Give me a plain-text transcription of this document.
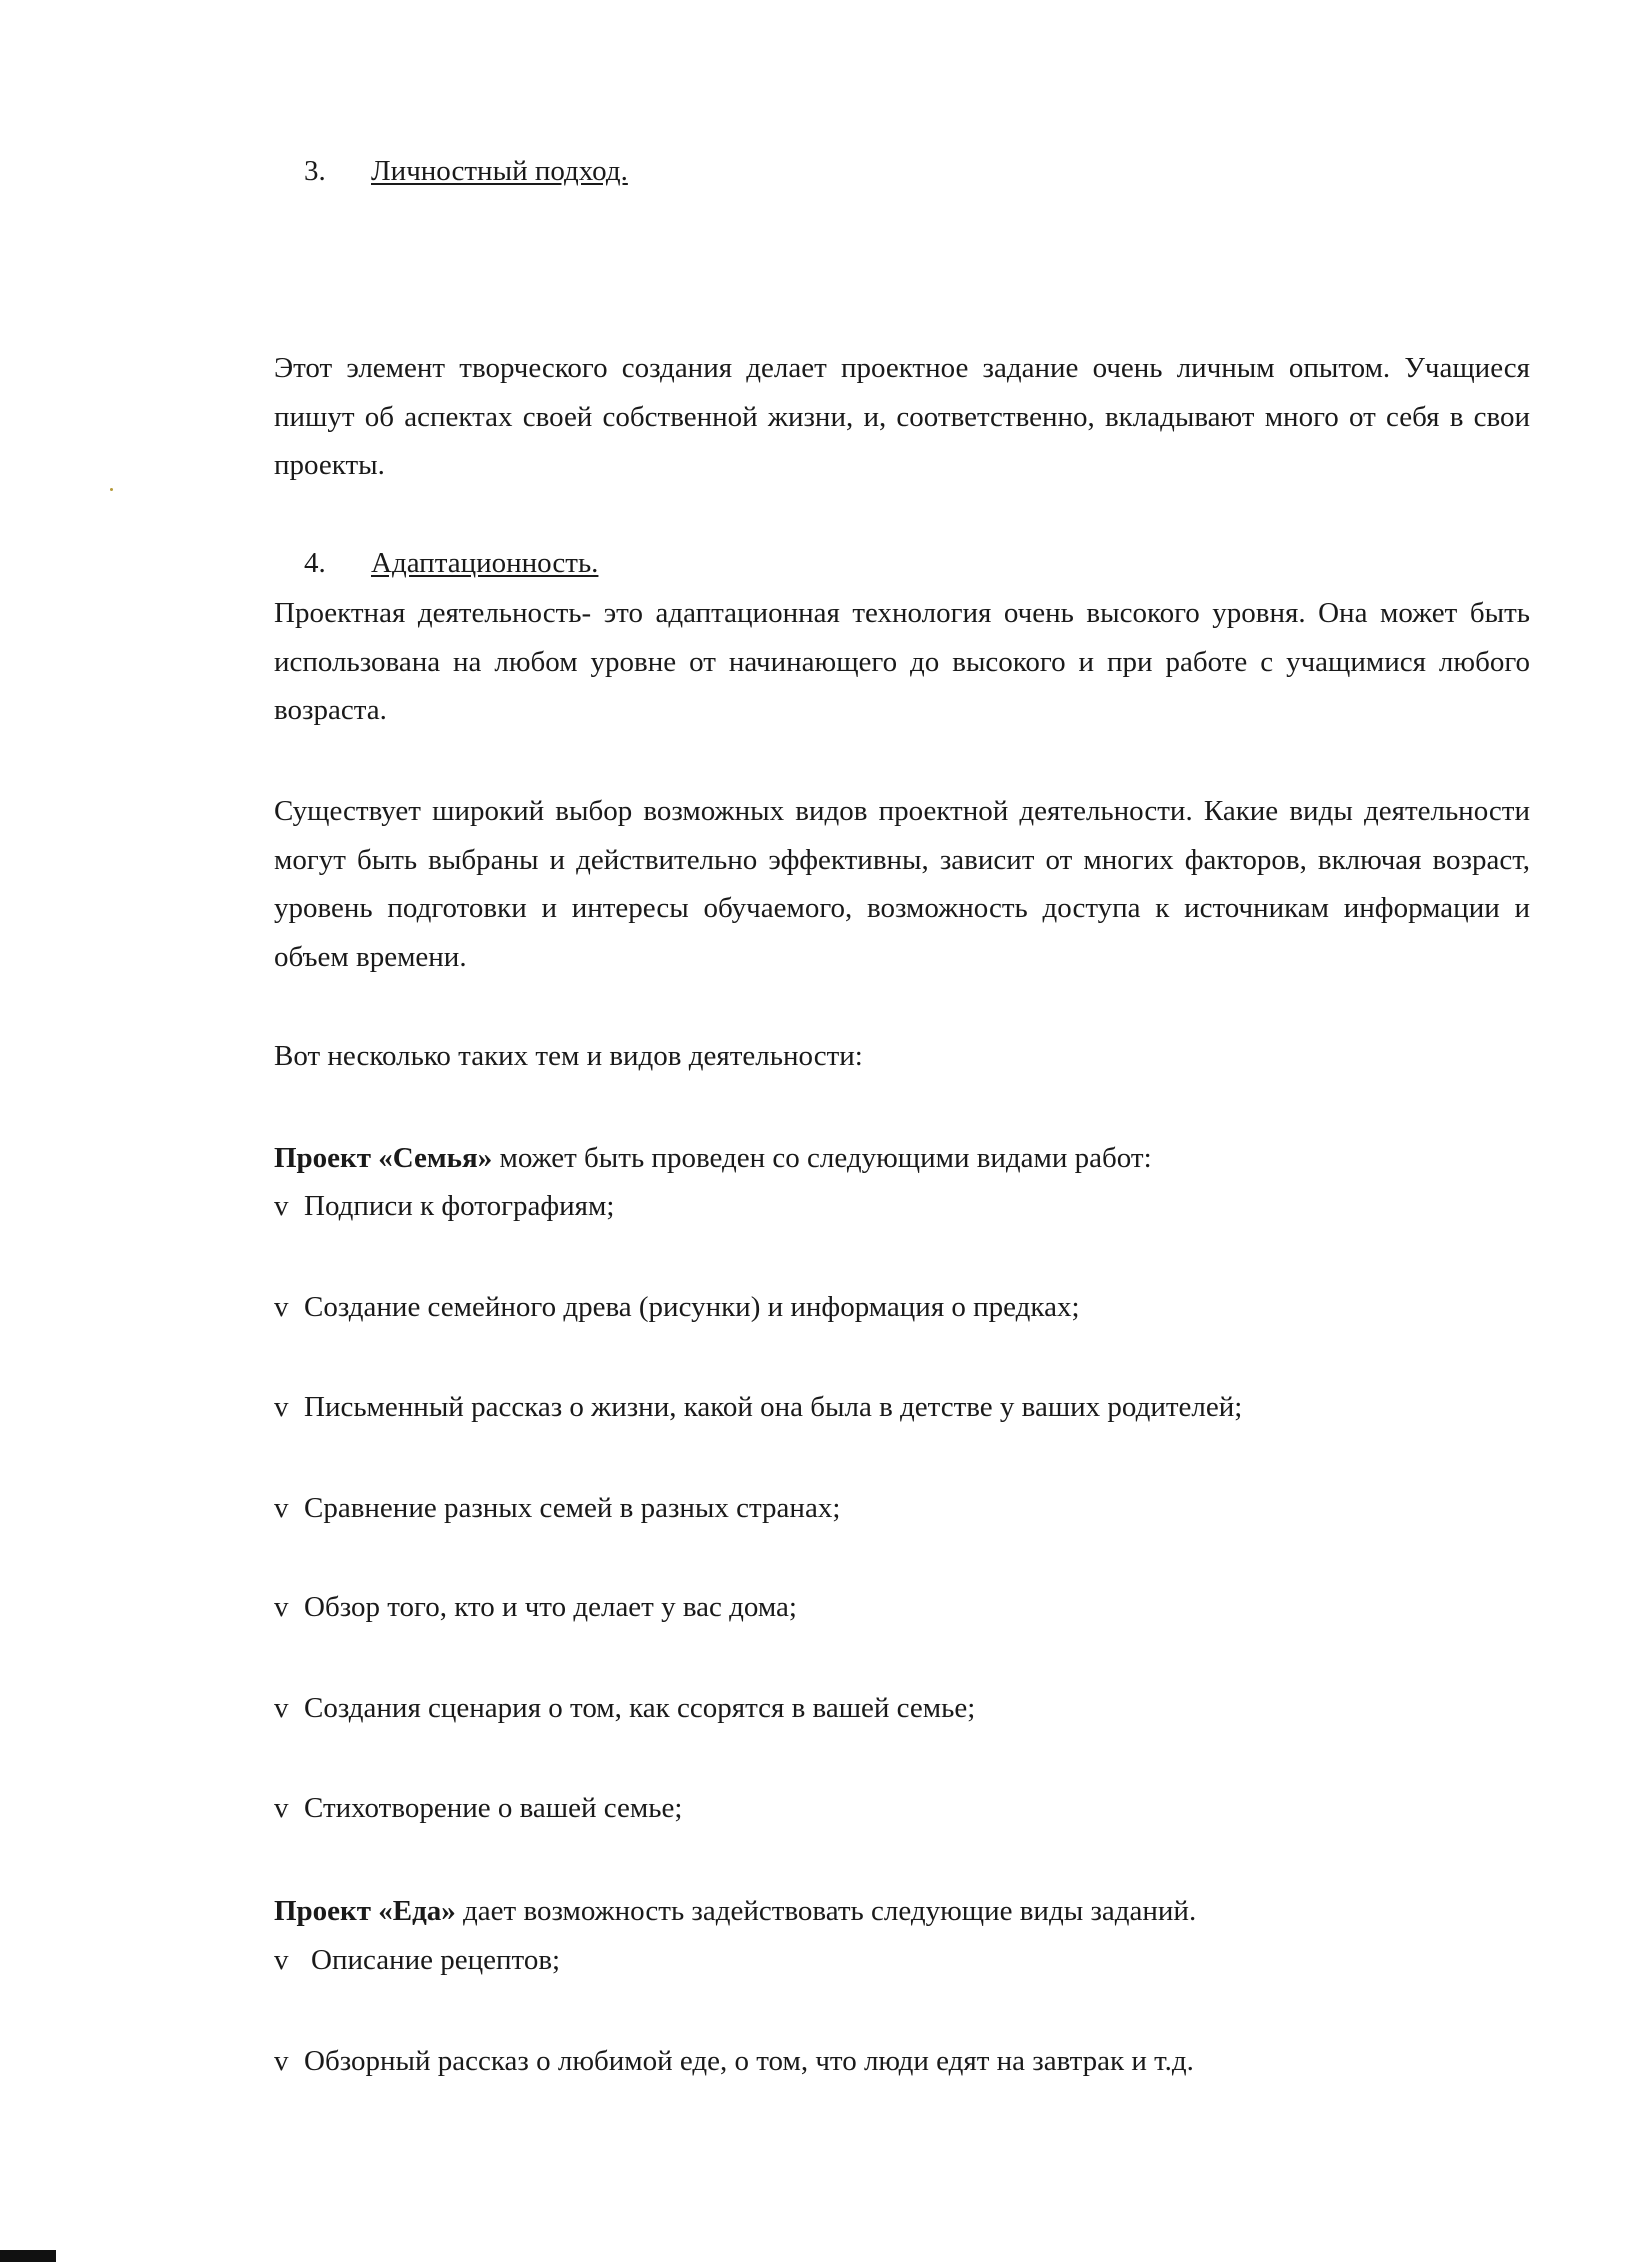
3. Личностный подход.
Этот элемент творческого создания делает проектное задание очень личным опытом. Учащиеся пишут об аспектах своей собственной жизни, и, соответственно, вкладывают много от себя в свои проекты.
4. Адаптационность.
Проектная деятельность- это адаптационная технология очень высокого уровня. Она может быть использована на любом уровне от начинающего до высокого и при работе с учащимися любого возраста.
Существует широкий выбор возможных видов проектной деятельности. Какие виды деятельности могут быть выбраны и действительно эффективны, зависит от многих факторов, включая возраст, уровень подготовки и интересы обучаемого, возможность доступа к источникам информации и объем времени.
Вот несколько таких тем и видов деятельности:
Проект «Семья» может быть проведен со следующими видами работ:
v Подписи к фотографиям;
v Создание семейного древа (рисунки) и информация о предках;
v Письменный рассказ о жизни, какой она была в детстве у ваших родителей;
v Сравнение разных семей в разных странах;
v Обзор того, кто и что делает у вас дома;
v Создания сценария о том, как ссорятся в вашей семье;
v Стихотворение о вашей семье;
Проект «Еда» дает возможность задействовать следующие виды заданий.
v Описание рецептов;
v Обзорный рассказ о любимой еде, о том, что люди едят на завтрак и т.д.
